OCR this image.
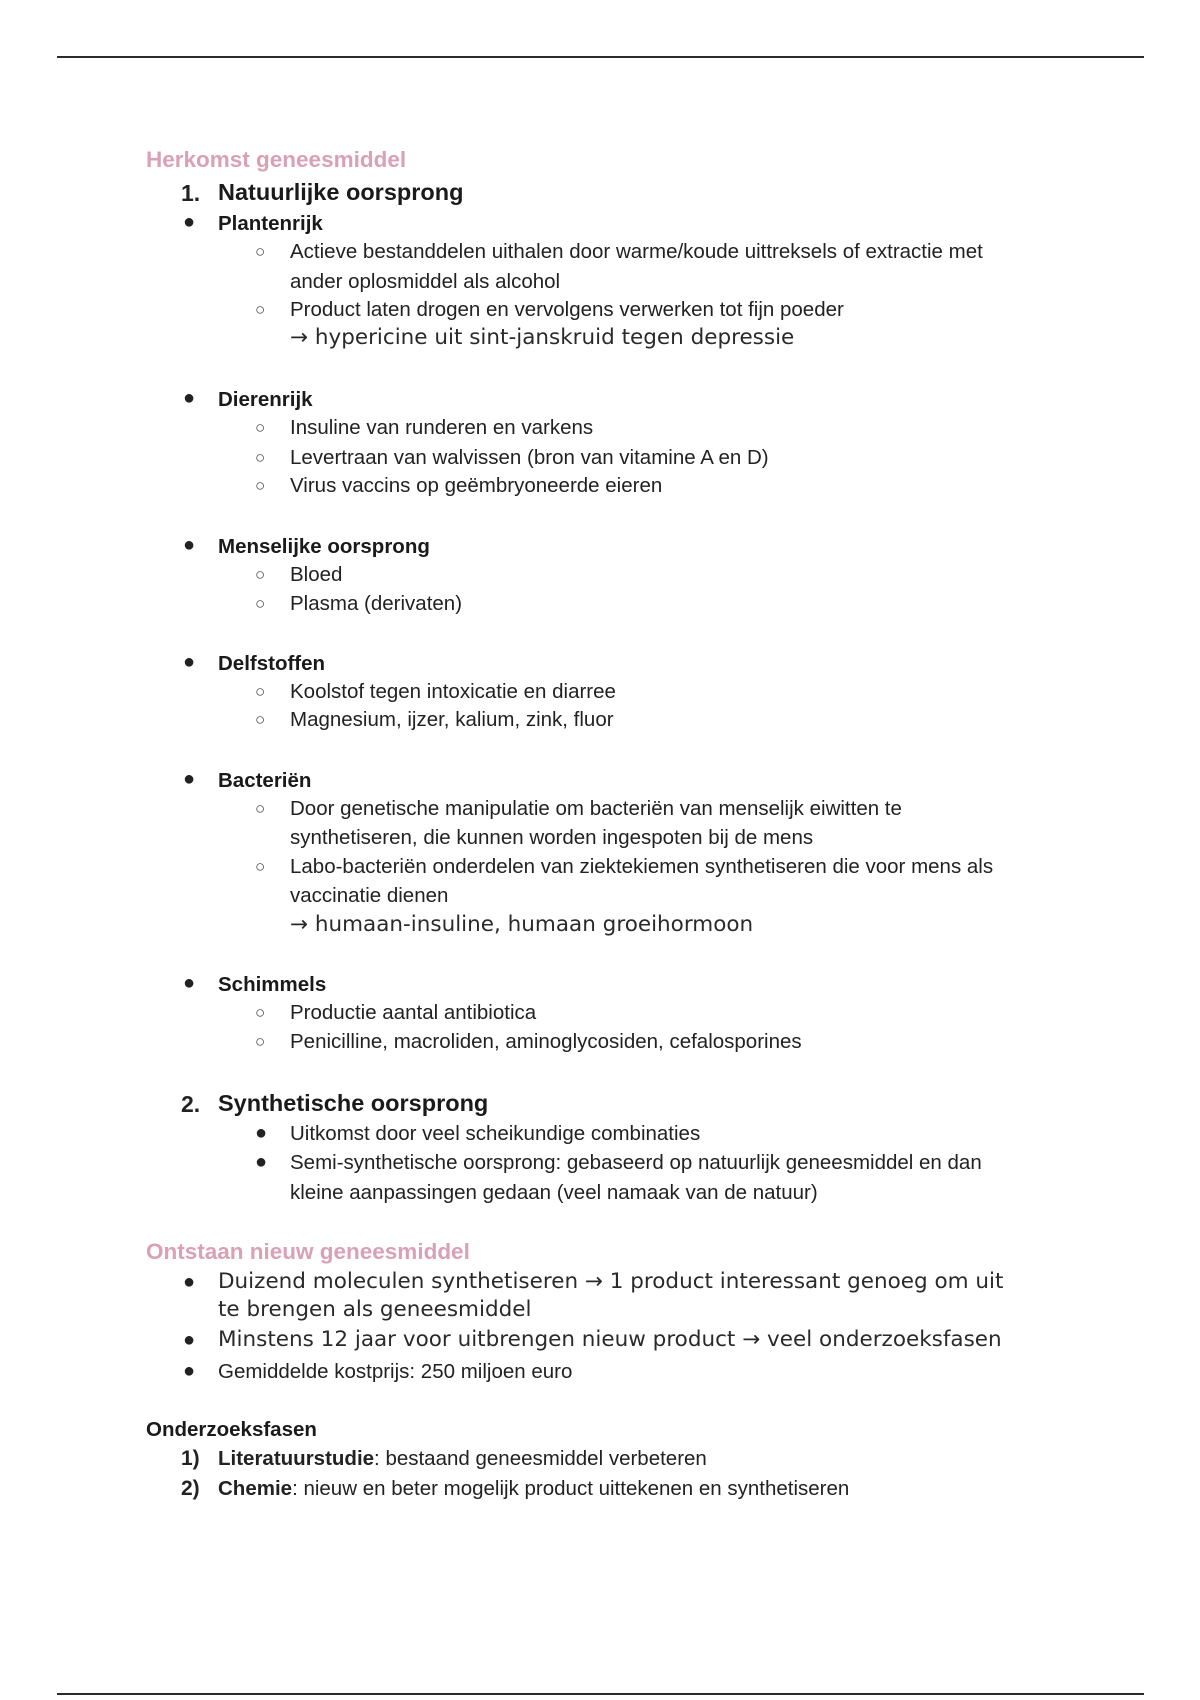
Herkomst geneesmiddel
1. Natuurlijke oorsprong
● Plantenrijk
○ Actieve bestanddelen uithalen door warme/koude uittreksels of extractie met
ander oplosmiddel als alcohol
○ Product laten drogen en vervolgens verwerken tot fijn poeder
→ hypericine uit sint-janskruid tegen depressie
● Dierenrijk
○ Insuline van runderen en varkens
○ Levertraan van walvissen (bron van vitamine A en D)
○ Virus vaccins op geëmbryoneerde eieren
● Menselijke oorsprong
○ Bloed
○ Plasma (derivaten)
● Delfstoffen
○ Koolstof tegen intoxicatie en diarree
○ Magnesium, ijzer, kalium, zink, fluor
● Bacteriën
○ Door genetische manipulatie om bacteriën van menselijk eiwitten te
synthetiseren, die kunnen worden ingespoten bij de mens
○ Labo-bacteriën onderdelen van ziektekiemen synthetiseren die voor mens als
vaccinatie dienen
→ humaan-insuline, humaan groeihormoon
● Schimmels
○ Productie aantal antibiotica
○ Penicilline, macroliden, aminoglycosiden, cefalosporines
2. Synthetische oorsprong
● Uitkomst door veel scheikundige combinaties
● Semi-synthetische oorsprong: gebaseerd op natuurlijk geneesmiddel en dan
kleine aanpassingen gedaan (veel namaak van de natuur)
Ontstaan nieuw geneesmiddel
● Duizend moleculen synthetiseren → 1 product interessant genoeg om uit
te brengen als geneesmiddel
● Minstens 12 jaar voor uitbrengen nieuw product → veel onderzoeksfasen
● Gemiddelde kostprijs: 250 miljoen euro
Onderzoeksfasen
1) Literatuurstudie: bestaand geneesmiddel verbeteren
2) Chemie: nieuw en beter mogelijk product uittekenen en synthetiseren
